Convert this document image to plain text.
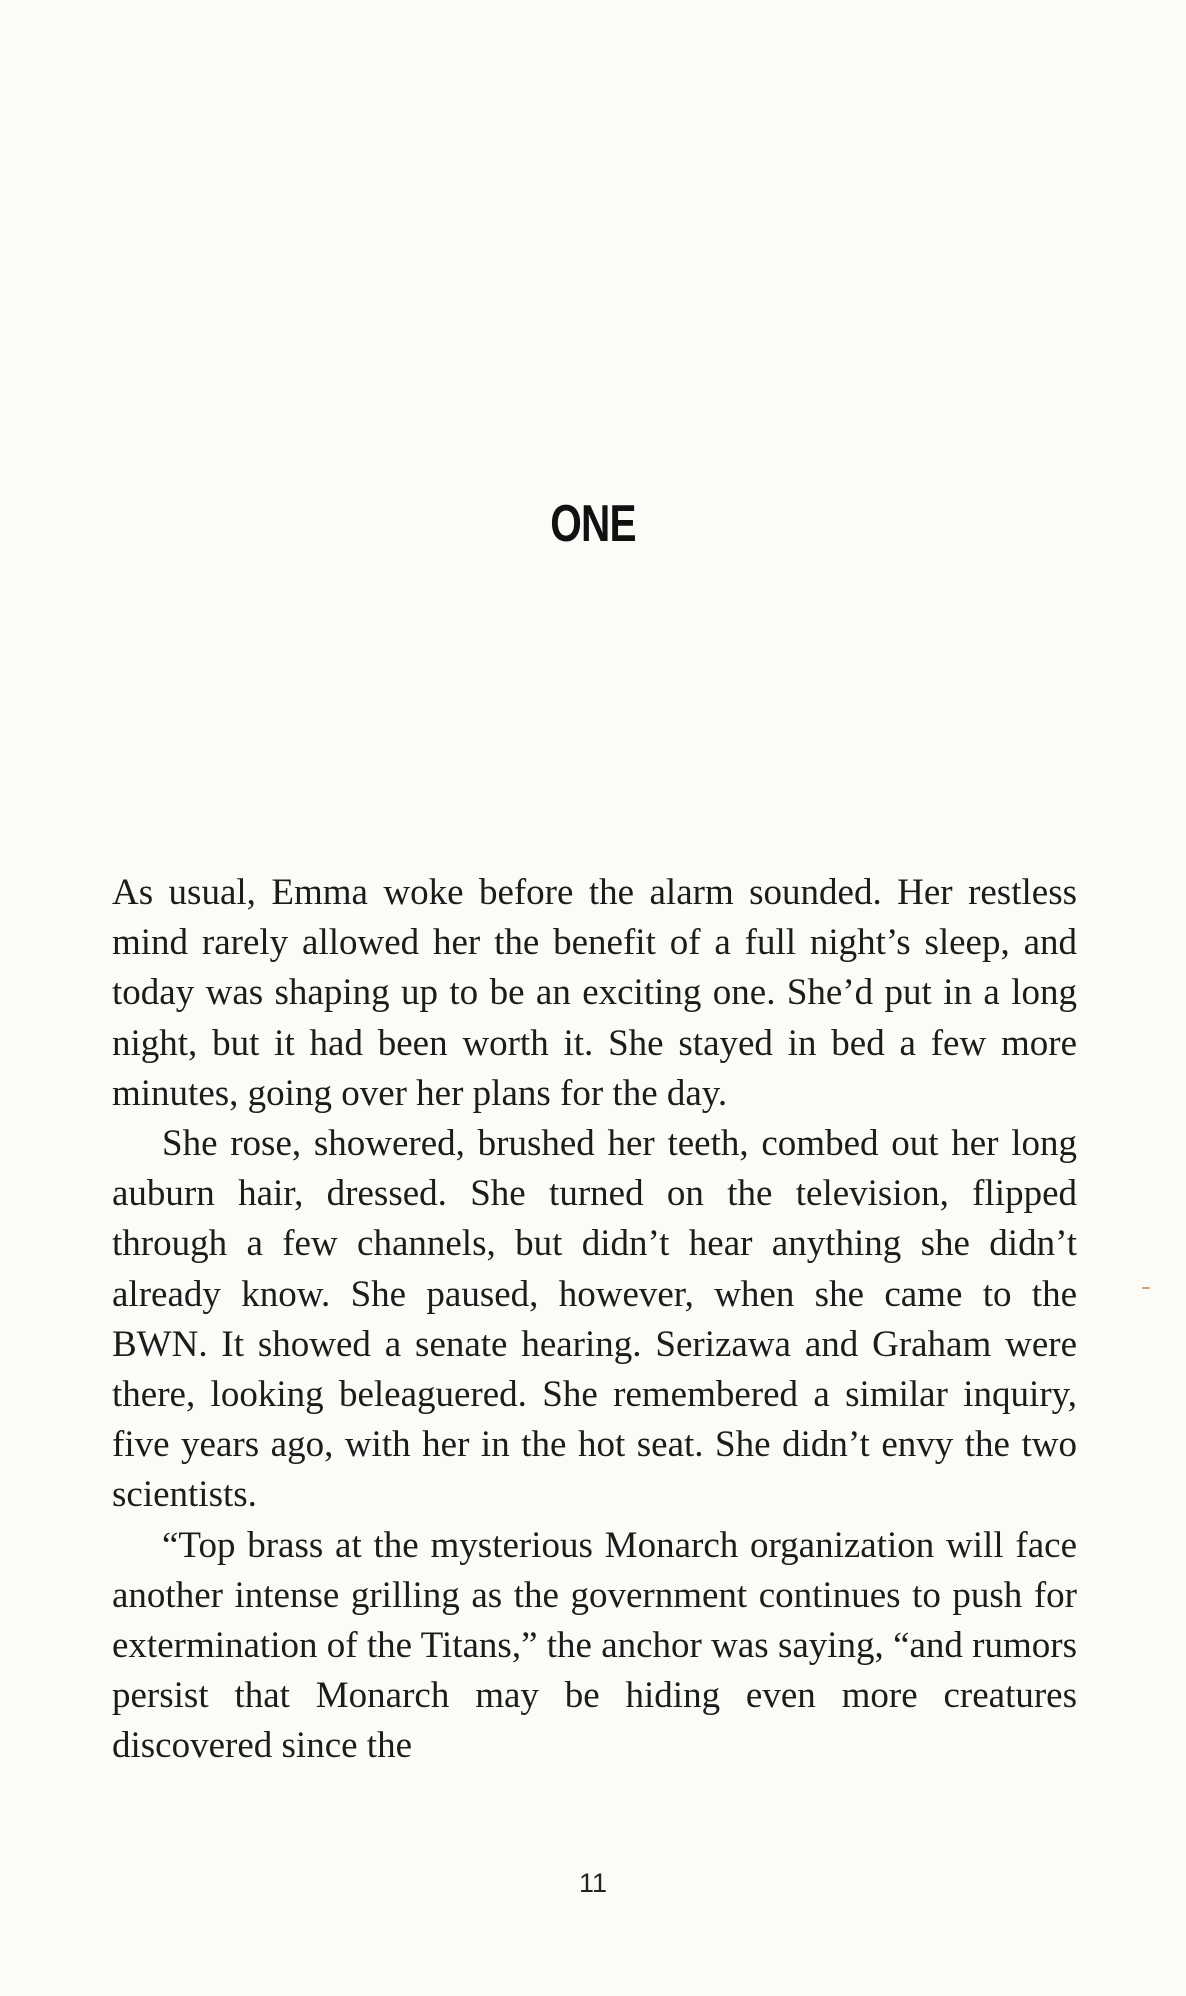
ONE

As usual, Emma woke before the alarm sounded. Her restless mind rarely allowed her the benefit of a full night’s sleep, and today was shaping up to be an exciting one. She’d put in a long night, but it had been worth it. She stayed in bed a few more minutes, going over her plans for the day.

She rose, showered, brushed her teeth, combed out her long auburn hair, dressed. She turned on the television, flipped through a few channels, but didn’t hear anything she didn’t already know. She paused, however, when she came to the BWN. It showed a senate hearing. Serizawa and Graham were there, looking beleaguered. She remembered a similar inquiry, five years ago, with her in the hot seat. She didn’t envy the two scientists.

“Top brass at the mysterious Monarch organization will face another intense grilling as the government continues to push for extermination of the Titans,” the anchor was saying, “and rumors persist that Monarch may be hiding even more creatures discovered since the

11
